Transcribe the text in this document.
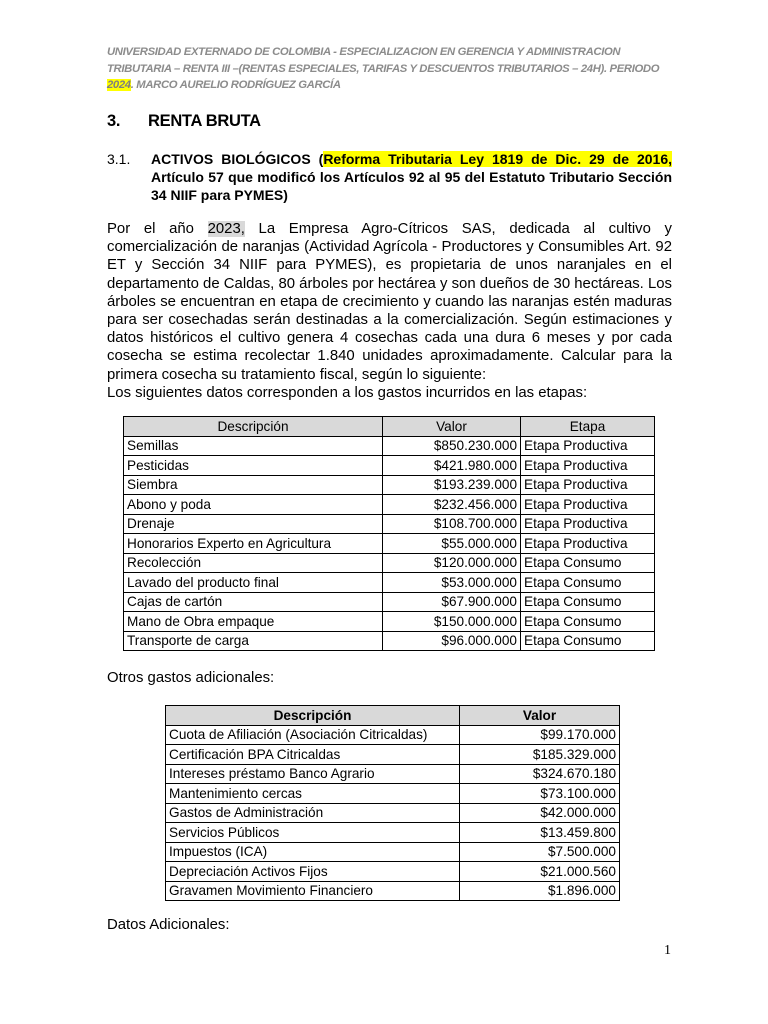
UNIVERSIDAD EXTERNADO DE COLOMBIA - ESPECIALIZACION EN GERENCIA Y ADMINISTRACION TRIBUTARIA – RENTA III –(RENTAS ESPECIALES, TARIFAS Y DESCUENTOS TRIBUTARIOS – 24H). PERIODO 2024. MARCO AURELIO RODRÍGUEZ GARCÍA
3. RENTA BRUTA
3.1. ACTIVOS BIOLÓGICOS (Reforma Tributaria Ley 1819 de Dic. 29 de 2016, Artículo 57 que modificó los Artículos 92 al 95 del Estatuto Tributario Sección 34 NIIF para PYMES)

Por el año 2023, La Empresa Agro-Cítricos SAS, dedicada al cultivo y comercialización de naranjas (Actividad Agrícola - Productores y Consumibles Art. 92 ET y Sección 34 NIIF para PYMES), es propietaria de unos naranjales en el departamento de Caldas, 80 árboles por hectárea y son dueños de 30 hectáreas. Los árboles se encuentran en etapa de crecimiento y cuando las naranjas estén maduras para ser cosechadas serán destinadas a la comercialización. Según estimaciones y datos históricos el cultivo genera 4 cosechas cada una dura 6 meses y por cada cosecha se estima recolectar 1.840 unidades aproximadamente. Calcular para la primera cosecha su tratamiento fiscal, según lo siguiente:

Los siguientes datos corresponden a los gastos incurridos en las etapas:

Descripción	Valor	Etapa
Semillas	$850.230.000	Etapa Productiva
Pesticidas	$421.980.000	Etapa Productiva
Siembra	$193.239.000	Etapa Productiva
Abono y poda	$232.456.000	Etapa Productiva
Drenaje	$108.700.000	Etapa Productiva
Honorarios Experto en Agricultura	$55.000.000	Etapa Productiva
Recolección	$120.000.000	Etapa Consumo
Lavado del producto final	$53.000.000	Etapa Consumo
Cajas de cartón	$67.900.000	Etapa Consumo
Mano de Obra empaque	$150.000.000	Etapa Consumo
Transporte de carga	$96.000.000	Etapa Consumo
Otros gastos adicionales:
Descripción	Valor
Cuota de Afiliación (Asociación Citricaldas)	$99.170.000
Certificación BPA Citricaldas	$185.329.000
Intereses préstamo Banco Agrario	$324.670.180
Mantenimiento cercas	$73.100.000
Gastos de Administración	$42.000.000
Servicios Públicos	$13.459.800
Impuestos (ICA)	$7.500.000
Depreciación Activos Fijos	$21.000.560
Gravamen Movimiento Financiero	$1.896.000
Datos Adicionales:
1
